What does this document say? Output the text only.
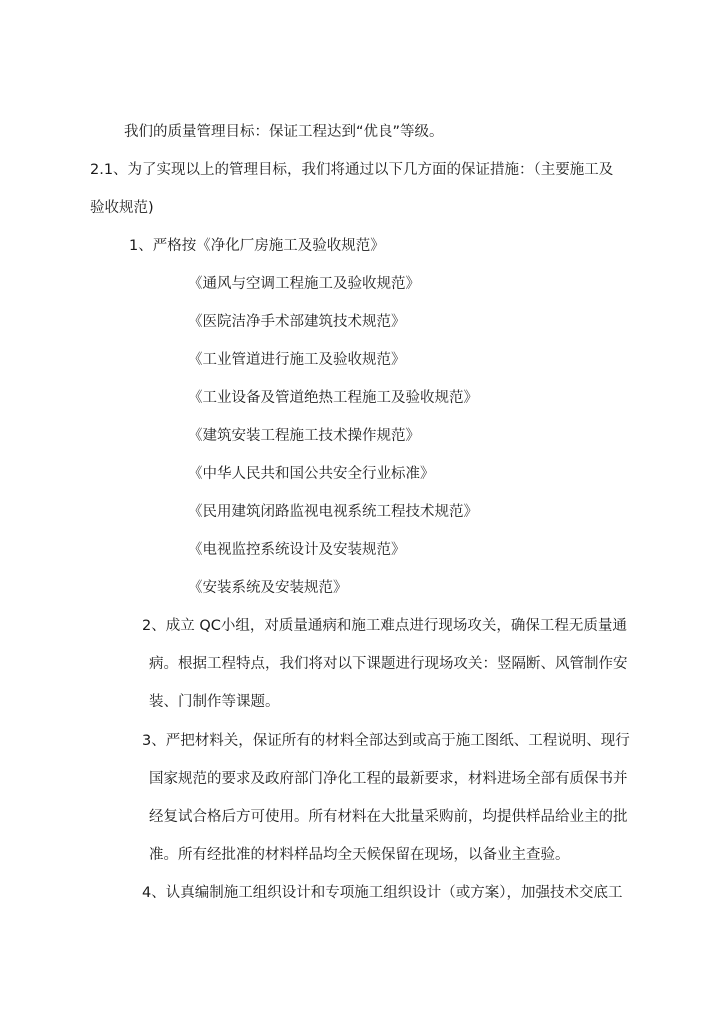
我们的质量管理目标：保证工程达到“优良”等级。
2.1、为了实现以上的管理目标，我们将通过以下几方面的保证措施：（主要施工及
验收规范)
1、严格按《净化厂房施工及验收规范》
《通风与空调工程施工及验收规范》
《医院洁净手术部建筑技术规范》
《工业管道进行施工及验收规范》
《工业设备及管道绝热工程施工及验收规范》
《建筑安装工程施工技术操作规范》
《中华人民共和国公共安全行业标准》
《民用建筑闭路监视电视系统工程技术规范》
《电视监控系统设计及安装规范》
《安装系统及安装规范》
2、成立 QC小组，对质量通病和施工难点进行现场攻关，确保工程无质量通
病。根据工程特点，我们将对以下课题进行现场攻关：竖隔断、风管制作安
装、门制作等课题。
3、严把材料关，保证所有的材料全部达到或高于施工图纸、工程说明、现行
国家规范的要求及政府部门净化工程的最新要求，材料进场全部有质保书并
经复试合格后方可使用。所有材料在大批量采购前，均提供样品给业主的批
准。所有经批准的材料样品均全天候保留在现场，以备业主查验。
4、认真编制施工组织设计和专项施工组织设计（或方案），加强技术交底工
